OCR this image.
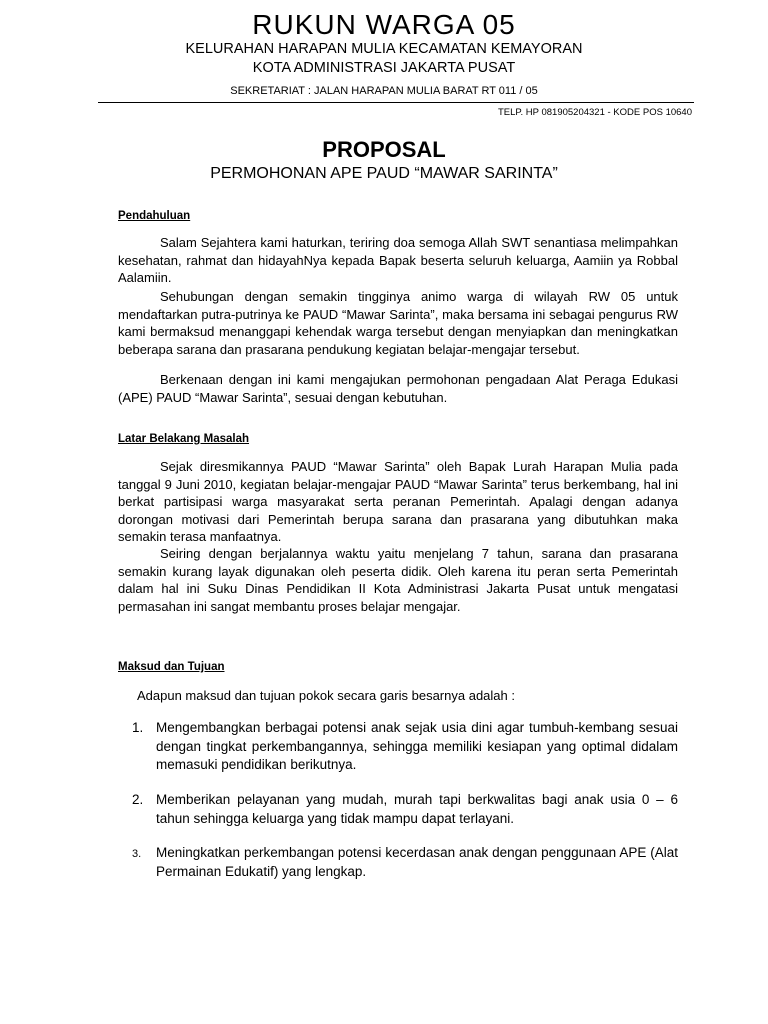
RUKUN WARGA 05
KELURAHAN HARAPAN MULIA KECAMATAN KEMAYORAN
KOTA ADMINISTRASI JAKARTA PUSAT
SEKRETARIAT : JALAN HARAPAN MULIA BARAT RT 011 / 05
TELP. HP 081905204321 - KODE POS 10640
PROPOSAL
PERMOHONAN APE PAUD “MAWAR SARINTA”
Pendahuluan

Salam Sejahtera kami haturkan, teriring doa semoga Allah SWT senantiasa melimpahkan kesehatan, rahmat dan hidayahNya kepada Bapak beserta seluruh keluarga, Aamiin ya Robbal Aalamiin.

Sehubungan dengan semakin tingginya animo warga di wilayah RW 05 untuk mendaftarkan putra-putrinya ke PAUD “Mawar Sarinta”, maka bersama ini sebagai pengurus RW kami bermaksud menanggapi kehendak warga tersebut dengan menyiapkan dan meningkatkan beberapa sarana dan prasarana pendukung kegiatan belajar-mengajar tersebut.

Berkenaan dengan ini kami mengajukan permohonan pengadaan Alat Peraga Edukasi (APE) PAUD “Mawar Sarinta”, sesuai dengan kebutuhan.

Latar Belakang Masalah

Sejak diresmikannya PAUD “Mawar Sarinta” oleh Bapak Lurah Harapan Mulia pada tanggal 9 Juni 2010, kegiatan belajar-mengajar PAUD “Mawar Sarinta” terus berkembang, hal ini berkat partisipasi warga masyarakat serta peranan Pemerintah. Apalagi dengan adanya dorongan motivasi dari Pemerintah berupa sarana dan prasarana yang dibutuhkan maka semakin terasa manfaatnya.

Seiring dengan berjalannya waktu yaitu menjelang 7 tahun, sarana dan prasarana semakin kurang layak digunakan oleh peserta didik. Oleh karena itu peran serta Pemerintah dalam hal ini Suku Dinas Pendidikan II Kota Administrasi Jakarta Pusat untuk mengatasi permasahan ini sangat membantu proses belajar mengajar.

Maksud dan Tujuan
Adapun maksud dan tujuan pokok secara garis besarnya adalah :
1. Mengembangkan berbagai potensi anak sejak usia dini agar tumbuh-kembang sesuai dengan tingkat perkembangannya, sehingga memiliki kesiapan yang optimal didalam memasuki pendidikan berikutnya.
2. Memberikan pelayanan yang mudah, murah tapi berkwalitas bagi anak usia 0 – 6 tahun sehingga keluarga yang tidak mampu dapat terlayani.
3.	Meningkatkan perkembangan potensi kecerdasan anak dengan penggunaan APE (Alat Permainan Edukatif) yang lengkap.
